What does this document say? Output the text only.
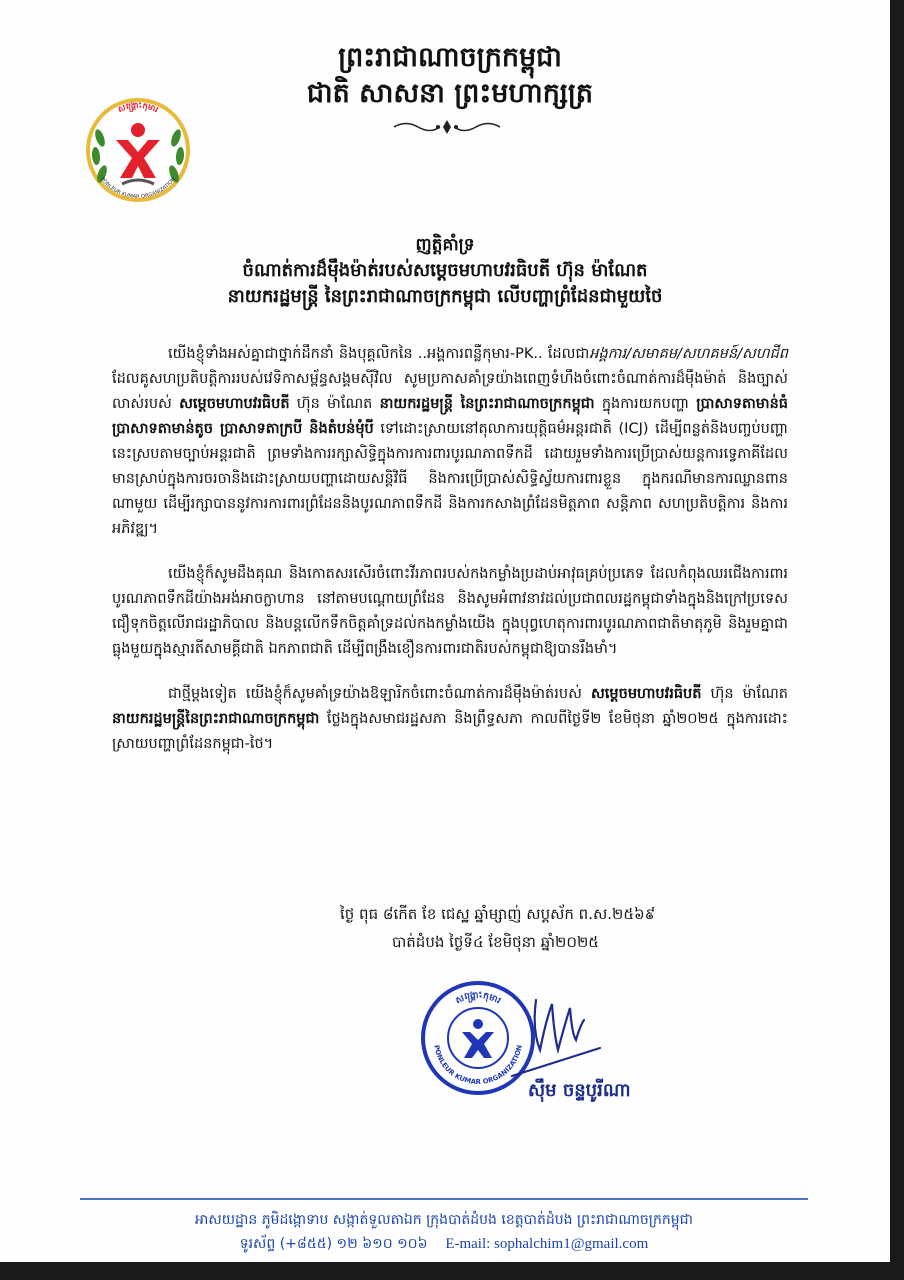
ព្រះរាជាណាចក្រកម្ពុជា
ជាតិ សាសនា ព្រះមហាក្សត្រ
សង្គ្រោះកុមារ
PONLEUR KUMAR ORGANIZATION
ញត្តិគាំទ្រ
ចំណាត់ការដ៏ម៉ឹងម៉ាត់របស់សម្តេចមហាបវរធិបតី ហ៊ុន ម៉ាណែត
នាយករដ្ឋមន្ត្រី នៃព្រះរាជាណាចក្រកម្ពុជា លើបញ្ហាព្រំដែនជាមួយថៃ

យើងខ្ញុំទាំងអស់គ្នាជាថ្នាក់ដឹកនាំ និងបុគ្គលិកនៃ ..អង្គការពន្លឺកុមារ-PK.. ដែលជាអង្គការ/សមាគម/សហគមន៍/សហជីព ដែលគូសហប្រតិបត្តិការរបស់វេទិកាសម្ព័ន្ធសង្គមស៊ីវិល សូមប្រកាសគាំទ្រយ៉ាងពេញទំហឹងចំពោះចំណាត់ការដ៏ម៉ឹងម៉ាត់ និងច្បាស់លាស់របស់ សម្តេចមហាបវរធិបតី ហ៊ុន ម៉ាណែត នាយករដ្ឋមន្ត្រី នៃព្រះរាជាណាចក្រកម្ពុជា ក្នុងការយកបញ្ហា ប្រាសាទតាមាន់ធំ ប្រាសាទតាមាន់តូច ប្រាសាទតាក្របី និងតំបន់មុំបី ទៅដោះស្រាយនៅតុលាការយុត្តិធម៌អន្តរជាតិ (ICJ) ដើម្បីពន្លត់និងបញ្ចប់បញ្ហានេះស្របតាមច្បាប់អន្តរជាតិ ព្រមទាំងការរក្សាសិទ្ធិក្នុងការការពារបូរណភាពទឹកដី ដោយរួមទាំងការប្រើប្រាស់យន្តការទ្វេភាគីដែលមានស្រាប់ក្នុងការចរចានិងដោះស្រាយបញ្ហាដោយសន្តិវិធី និងការប្រើប្រាស់សិទ្ធិស្វ័យការពារខ្លួន ក្នុងករណីមានការឈ្លានពានណាមួយ ដើម្បីរក្សាបាននូវការការពារព្រំដែននិងបូរណភាពទឹកដី និងការកសាងព្រំដែនមិត្តភាព សន្តិភាព សហប្រតិបត្តិការ និងការអភិវឌ្ឍ។

យើងខ្ញុំក៏សូមដឹងគុណ និងកោតសរសើរចំពោះវីរភាពរបស់កងកម្លាំងប្រដាប់អាវុធគ្រប់ប្រភេទ ដែលកំពុងឈរជើងការពារបូរណភាពទឹកដីយ៉ាងអង់អាចក្លាហាន នៅតាមបណ្តោយព្រំដែន និងសូមអំពាវនាវដល់ប្រជាពលរដ្ឋកម្ពុជាទាំងក្នុងនិងក្រៅប្រទេស ជឿទុកចិត្តលើរាជរដ្ឋាភិបាល និងបន្តលើកទឹកចិត្តគាំទ្រដល់កងកម្លាំងយើង ក្នុងបុព្វហេតុការពារបូរណភាពជាតិមាតុភូមិ និងរួមគ្នាជាធ្លុងមួយក្នុងស្មារតីសាមគ្គីជាតិ ឯកភាពជាតិ ដើម្បីពង្រឹងខឿនការពារជាតិរបស់កម្ពុជាឱ្យបានរឹងមាំ។

ជាថ្មីម្តងទៀត យើងខ្ញុំក៏សូមគាំទ្រយ៉ាងឱឡារិកចំពោះចំណាត់ការដ៏ម៉ឹងម៉ាត់របស់ សម្តេចមហាបវរធិបតី ហ៊ុន ម៉ាណែត នាយករដ្ឋមន្ត្រីនៃព្រះរាជាណាចក្រកម្ពុជា ថ្លែងក្នុងសមាជរដ្ឋសភា និងព្រឹទ្ធសភា កាលពីថ្ងៃទី២ ខែមិថុនា ឆ្នាំ២០២៥ ក្នុងការដោះស្រាយបញ្ហាព្រំដែនកម្ពុជា-ថៃ។

ថ្ងៃ ពុធ ៨កើត ខែ ជេស្ឋ ឆ្នាំម្សាញ់ សប្តស័ក ព.ស.២៥៦៩
បាត់ដំបង ថ្ងៃទី៤ ខែមិថុនា ឆ្នាំ២០២៥
សង្គ្រោះកុមារ
PONLEUR KUMAR ORGANIZATION
ស៊ឹម ចន្ទបូរីណា
អាសយដ្ឋាន ភូមិដង្កោទាប សង្កាត់ទួលតាឯក ក្រុងបាត់ដំបង ខេត្តបាត់ដំបង ព្រះរាជាណាចក្រកម្ពុជា
ទូរស័ព្ទ (+៨៥៥) ១២ ៦១០ ១០៦ E-mail: sophalchim1@gmail.com
